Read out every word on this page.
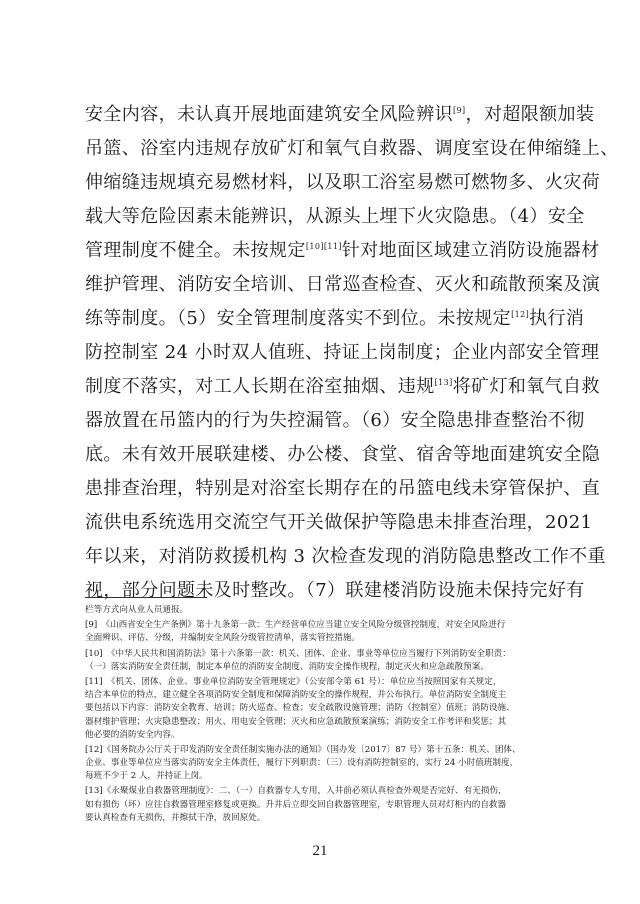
安全内容，未认真开展地面建筑安全风险辨识[9]，对超限额加装
吊篮、浴室内违规存放矿灯和氧气自救器、调度室设在伸缩缝上、
伸缩缝违规填充易燃材料，以及职工浴室易燃可燃物多、火灾荷
载大等危险因素未能辨识，从源头上埋下火灾隐患。（4）安全
管理制度不健全。未按规定[10][11]针对地面区域建立消防设施器材
维护管理、消防安全培训、日常巡查检查、灭火和疏散预案及演
练等制度。（5）安全管理制度落实不到位。未按规定[12]执行消
防控制室 24 小时双人值班、持证上岗制度；企业内部安全管理
制度不落实，对工人长期在浴室抽烟、违规[13]将矿灯和氧气自救
器放置在吊篮内的行为失控漏管。（6）安全隐患排查整治不彻
底。未有效开展联建楼、办公楼、食堂、宿舍等地面建筑安全隐
患排查治理，特别是对浴室长期存在的吊篮电线未穿管保护、直
流供电系统选用交流空气开关做保护等隐患未排查治理，2021
年以来，对消防救援机构 3 次检查发现的消防隐患整改工作不重
视，部分问题未及时整改。（7）联建楼消防设施未保持完好有
栏等方式向从业人员通报。
[9]　《山西省安全生产条例》第十九条第一款：生产经营单位应当建立安全风险分级管控制度，对安全风险进行
全面辨识、评估、分级，并编制安全风险分级管控清单，落实管控措施。
[10]　《中华人民共和国消防法》第十六条第一款：机关、团体、企业、事业等单位应当履行下列消防安全职责：
（一）落实消防安全责任制，制定本单位的消防安全制度、消防安全操作规程，制定灭火和应急疏散预案。
[11]　《机关、团体、企业、事业单位消防安全管理规定》（公安部令第 61 号）：单位应当按照国家有关规定，
结合本单位的特点，建立健全各项消防安全制度和保障消防安全的操作规程，并公布执行。单位消防安全制度主
要包括以下内容：消防安全教育、培训；防火巡查、检查；安全疏散设施管理；消防（控制室）值班；消防设施、
器材维护管理；火灾隐患整改；用火、用电安全管理；灭火和应急疏散预案演练；消防安全工作考评和奖惩；其
他必要的消防安全内容。
[12]《国务院办公厅关于印发消防安全责任制实施办法的通知》（国办发〔2017〕87 号）第十五条：机关、团体、
企业、事业等单位应当落实消防安全主体责任，履行下列职责：（三）设有消防控制室的，实行 24 小时值班制度，
每班不少于 2 人，并持证上岗。
[13]《永聚煤业自救器管理制度》：二、（一）自救器专人专用，入井前必须认真检查外观是否完好、有无损伤，
如有损伤（坏）应往自救器管理室修复或更换。升井后立即交回自救器管理室，专职管理人员对灯柜内的自救器
要认真检查有无损伤，并擦拭干净，放回原处。
21
